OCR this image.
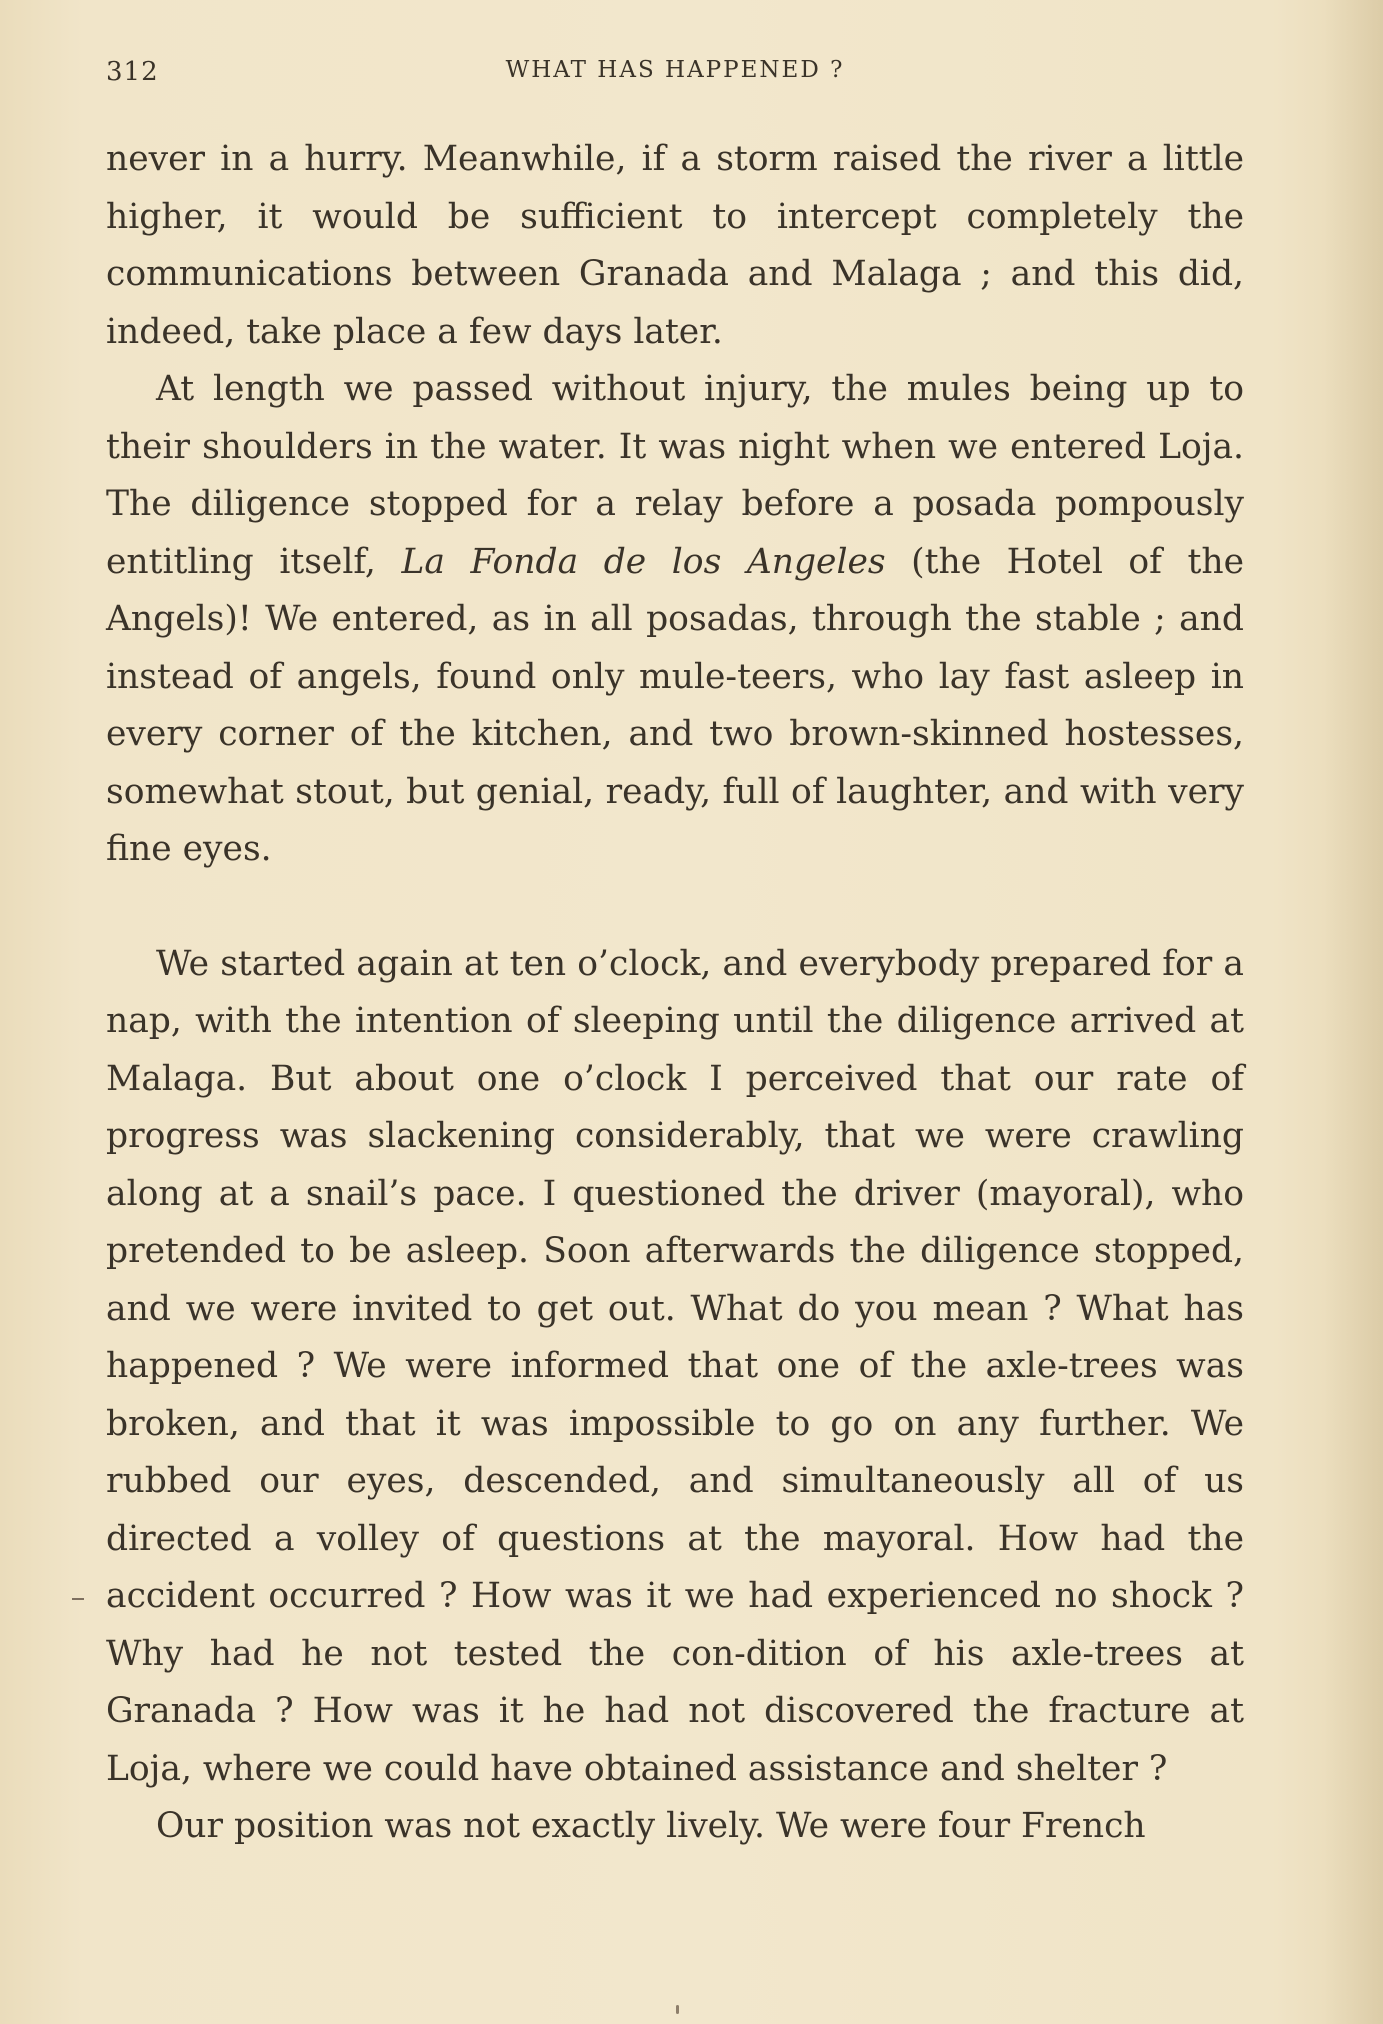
312	WHAT HAS HAPPENED ?

never in a hurry. Meanwhile, if a storm raised the river a little higher, it would be sufficient to intercept completely the communications between Granada and Malaga ; and this did, indeed, take place a few days later.

At length we passed without injury, the mules being up to their shoulders in the water. It was night when we entered Loja. The diligence stopped for a relay before a posada pompously entitling itself, La Fonda de los Angeles (the Hotel of the Angels)! We entered, as in all posadas, through the stable ; and instead of angels, found only mule-teers, who lay fast asleep in every corner of the kitchen, and two brown-skinned hostesses, somewhat stout, but genial, ready, full of laughter, and with very fine eyes.

We started again at ten o’clock, and everybody prepared for a nap, with the intention of sleeping until the diligence arrived at Malaga. But about one o’clock I perceived that our rate of progress was slackening considerably, that we were crawling along at a snail’s pace. I questioned the driver (mayoral), who pretended to be asleep. Soon afterwards the diligence stopped, and we were invited to get out. What do you mean ? What has happened ? We were informed that one of the axle-trees was broken, and that it was impossible to go on any further. We rubbed our eyes, descended, and simultaneously all of us directed a volley of questions at the mayoral. How had the accident occurred ? How was it we had experienced no shock ? Why had he not tested the con-dition of his axle-trees at Granada ? How was it he had not discovered the fracture at Loja, where we could have obtained assistance and shelter ?

Our position was not exactly lively. We were four French
